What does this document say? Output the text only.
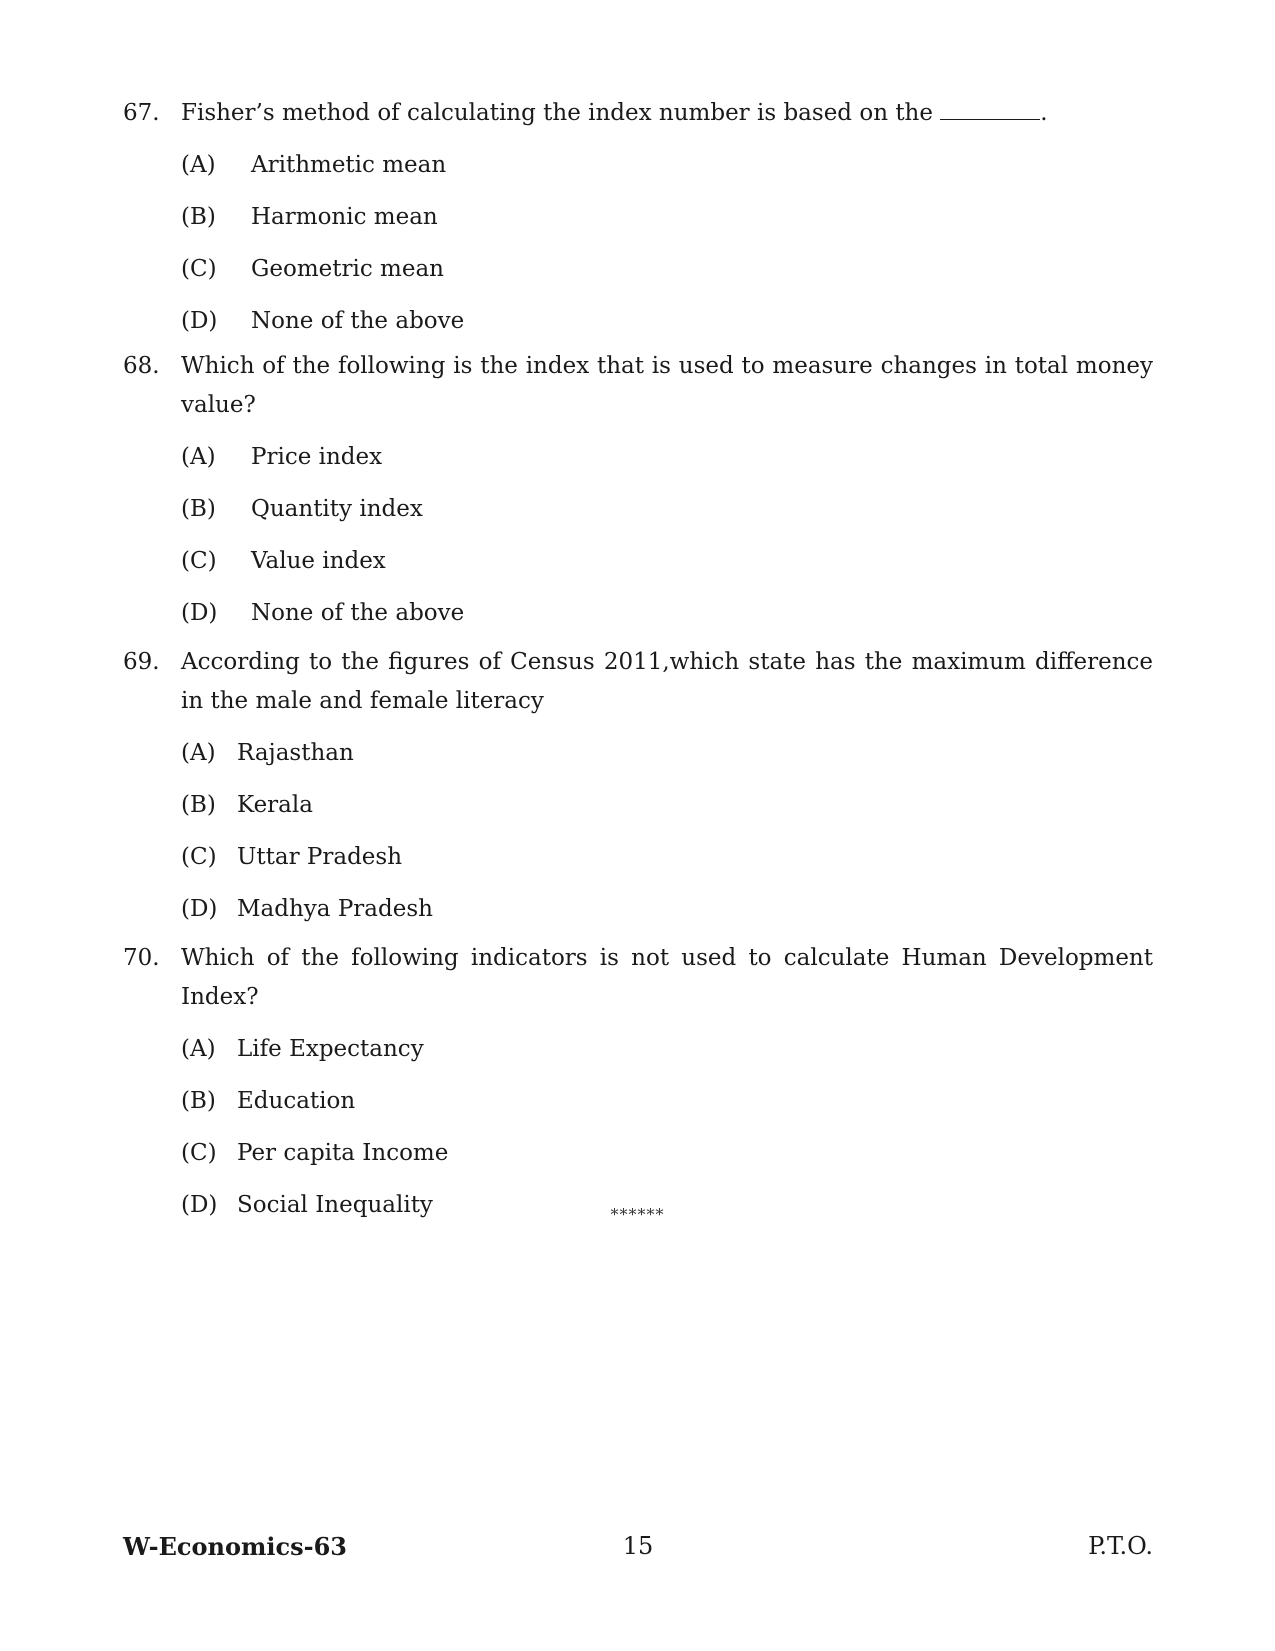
67. Fisher’s method of calculating the index number is based on the	.
(A)	Arithmetic mean
(B)	Harmonic mean
(C)	Geometric mean
(D)	None of the above
68. Which of the following is the index that is used to measure changes in total money value?
(A)	Price index
(B)	Quantity index
(C)	Value index
(D)	None of the above
69. According to the figures of Census 2011,which state has the maximum difference in the male and female literacy
(A) Rajasthan
(B) Kerala
(C) Uttar Pradesh
(D) Madhya Pradesh
70. Which of the following indicators is not used to calculate Human Development Index?
(A) Life Expectancy
(B) Education
(C) Per capita Income
(D) Social Inequality	******
15
W-Economics-63	P.T.O.
